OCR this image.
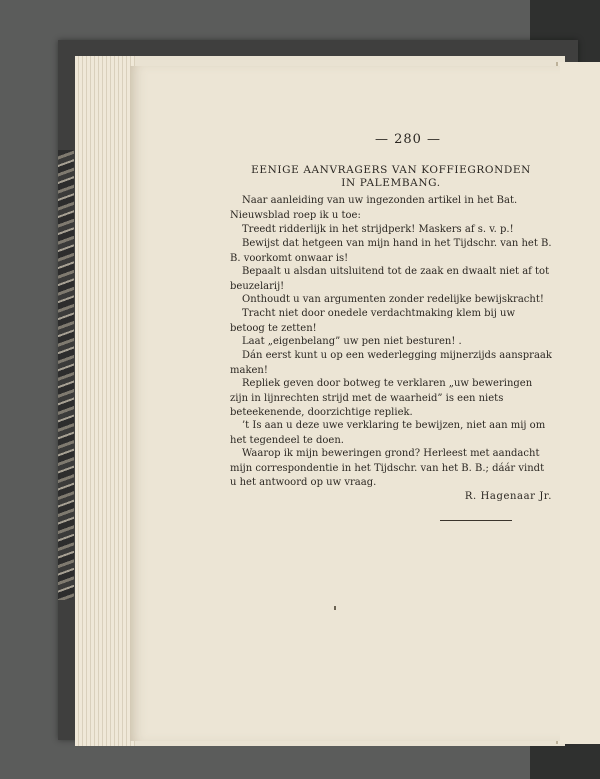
— 280 —
EENIGE AANVRAGERS VAN KOFFIEGRONDEN
IN PALEMBANG.

Naar aanleiding van uw ingezonden artikel in het Bat. Nieuwsblad roep ik u toe:

Treedt ridderlijk in het strijdperk! Maskers af s. v. p.!

Bewijst dat hetgeen van mijn hand in het Tijdschr. van het B. B. voorkomt onwaar is!

Bepaalt u alsdan uitsluitend tot de zaak en dwaalt niet af tot beuzelarij!

Onthoudt u van argumenten zonder redelijke bewijskracht!

Tracht niet door onedele verdachtmaking klem bij uw betoog te zetten!

Laat „eigenbelang” uw pen niet besturen! .

Dán eerst kunt u op een wederlegging mijnerzijds aanspraak maken!

Repliek geven door botweg te verklaren „uw beweringen zijn in lijnrechten strijd met de waarheid” is een niets beteekenende, doorzichtige repliek.

’t Is aan u deze uwe verklaring te bewijzen, niet aan mij om het tegendeel te doen.

Waarop ik mijn beweringen grond? Herleest met aandacht mijn correspondentie in het Tijdschr. van het B. B.; dáár vindt u het antwoord op uw vraag.

R. Hagenaar Jr.
